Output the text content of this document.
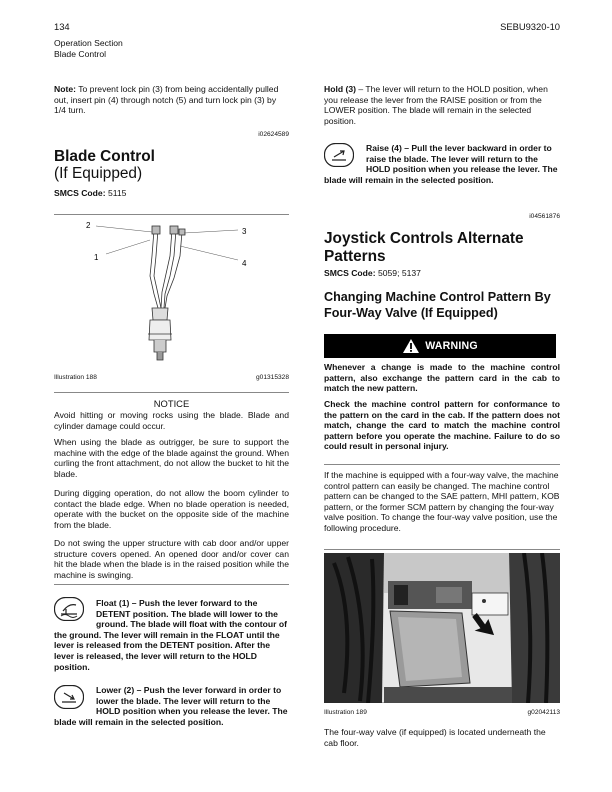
134	SEBU9320-10
Operation Section
Blade Control

Note: To prevent lock pin (3) from being accidentally pulled out, insert pin (4) through notch (5) and turn lock pin (3) by 1/4 turn.

i02624589
Blade Control
(If Equipped)
SMCS Code: 5115
1
2
3
4
Illustration 188	g01315328
NOTICE

Avoid hitting or moving rocks using the blade. Blade and cylinder damage could occur.

When using the blade as outrigger, be sure to support the machine with the edge of the blade against the ground. When curling the front attachment, do not allow the bucket to hit the blade.

During digging operation, do not allow the boom cylinder to contact the blade edge. When no blade operation is needed, operate with the bucket on the opposite side of the machine from the blade.

Do not swing the upper structure with cab door and/or upper structure covers opened. An opened door and/or cover can hit the blade when the blade is in the raised position while the machine is swinging.

Float (1) – Push the lever forward to the DETENT position. The blade will lower to the ground. The blade will float with the contour of the ground. The lever will remain in the FLOAT until the lever is released from the DETENT position. After the lever is released, the lever will return to the HOLD position.
Lower (2) – Push the lever forward in order to lower the blade. The lever will return to the HOLD position when you release the lever. The blade will remain in the selected position.

Hold (3) – The lever will return to the HOLD position, when you release the lever from the RAISE position or from the LOWER position. The blade will remain in the selected position.

Raise (4) – Pull the lever backward in order to raise the blade. The lever will return to the HOLD position when you release the lever. The blade will remain in the selected position.
i04561876
Joystick Controls Alternate Patterns
SMCS Code: 5059; 5137
Changing Machine Control Pattern By Four-Way Valve (If Equipped)
WARNING

Whenever a change is made to the machine control pattern, also exchange the pattern card in the cab to match the new pattern.

Check the machine control pattern for conformance to the pattern on the card in the cab. If the pattern does not match, change the card to match the machine control pattern before you operate the machine. Failure to do so could result in personal injury.

If the machine is equipped with a four-way valve, the machine control pattern can easily be changed. The machine control pattern can be changed to the SAE pattern, MHI pattern, KOB pattern, or the former SCM pattern by changing the four-way valve position. To change the four-way valve position, use the following procedure.

Illustration 189	g02042113

The four-way valve (if equipped) is located underneath the cab floor.
